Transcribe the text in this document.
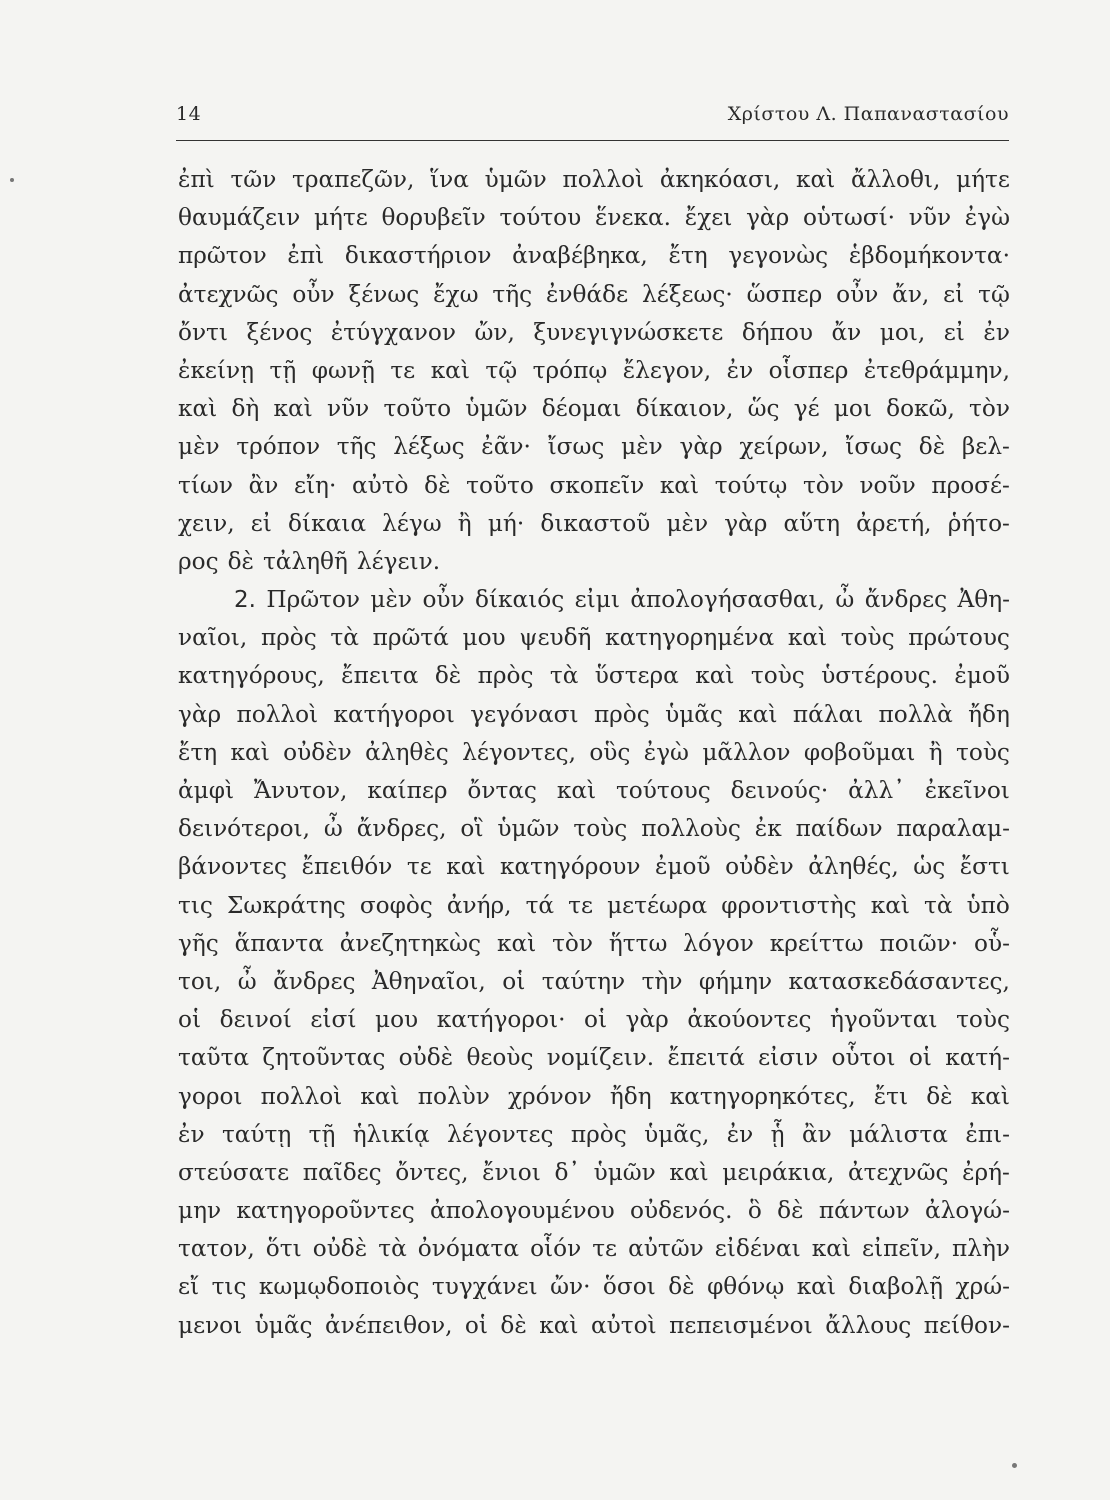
14	Χρίστου Λ. Παπαναστασίου
ἐπὶ τῶν τραπεζῶν, ἵνα ὑμῶν πολλοὶ ἀκηκόασι, καὶ ἄλλοθι, μήτε
θαυμάζειν μήτε θορυβεῖν τούτου ἕνεκα. ἔχει γὰρ οὑτωσί· νῦν ἐγὼ
πρῶτον ἐπὶ δικαστήριον ἀναβέβηκα, ἔτη γεγονὼς ἑβδομήκοντα·
ἀτεχνῶς οὖν ξένως ἔχω τῆς ἐνθάδε λέξεως· ὥσπερ οὖν ἄν, εἰ τῷ
ὄντι ξένος ἐτύγχανον ὤν, ξυνεγιγνώσκετε δήπου ἄν μοι, εἰ ἐν
ἐκείνῃ τῇ φωνῇ τε καὶ τῷ τρόπῳ ἔλεγον, ἐν οἷσπερ ἐτεθράμμην,
καὶ δὴ καὶ νῦν τοῦτο ὑμῶν δέομαι δίκαιον, ὥς γέ μοι δοκῶ, τὸν
μὲν τρόπον τῆς λέξως ἐᾶν· ἴσως μὲν γὰρ χείρων, ἴσως δὲ βελ-
τίων ἂν εἴη· αὐτὸ δὲ τοῦτο σκοπεῖν καὶ τούτῳ τὸν νοῦν προσέ-
χειν, εἰ δίκαια λέγω ἢ μή· δικαστοῦ μὲν γὰρ αὕτη ἀρετή, ῥήτο-
ρος δὲ τἀληθῆ λέγειν.
2. Πρῶτον μὲν οὖν δίκαιός εἰμι ἀπολογήσασθαι, ὦ ἄνδρες Ἀθη-
ναῖοι, πρὸς τὰ πρῶτά μου ψευδῆ κατηγορημένα καὶ τοὺς πρώτους
κατηγόρους, ἔπειτα δὲ πρὸς τὰ ὕστερα καὶ τοὺς ὑστέρους. ἐμοῦ
γὰρ πολλοὶ κατήγοροι γεγόνασι πρὸς ὑμᾶς καὶ πάλαι πολλὰ ἤδη
ἔτη καὶ οὐδὲν ἀληθὲς λέγοντες, οὓς ἐγὼ μᾶλλον φοβοῦμαι ἢ τοὺς
ἀμφὶ Ἄνυτον, καίπερ ὄντας καὶ τούτους δεινούς· ἀλλ᾽ ἐκεῖνοι
δεινότεροι, ὦ ἄνδρες, οἳ ὑμῶν τοὺς πολλοὺς ἐκ παίδων παραλαμ-
βάνοντες ἔπειθόν τε καὶ κατηγόρουν ἐμοῦ οὐδὲν ἀληθές, ὡς ἔστι
τις Σωκράτης σοφὸς ἀνήρ, τά τε μετέωρα φροντιστὴς καὶ τὰ ὑπὸ
γῆς ἅπαντα ἀνεζητηκὼς καὶ τὸν ἥττω λόγον κρείττω ποιῶν· οὗ-
τοι, ὦ ἄνδρες Ἀθηναῖοι, οἱ ταύτην τὴν φήμην κατασκεδάσαντες,
οἱ δεινοί εἰσί μου κατήγοροι· οἱ γὰρ ἀκούοντες ἡγοῦνται τοὺς
ταῦτα ζητοῦντας οὐδὲ θεοὺς νομίζειν. ἔπειτά εἰσιν οὗτοι οἱ κατή-
γοροι πολλοὶ καὶ πολὺν χρόνον ἤδη κατηγορηκότες, ἔτι δὲ καὶ
ἐν ταύτῃ τῇ ἡλικίᾳ λέγοντες πρὸς ὑμᾶς, ἐν ᾗ ἂν μάλιστα ἐπι-
στεύσατε παῖδες ὄντες, ἔνιοι δ᾽ ὑμῶν καὶ μειράκια, ἀτεχνῶς ἐρή-
μην κατηγοροῦντες ἀπολογουμένου οὐδενός. ὃ δὲ πάντων ἀλογώ-
τατον, ὅτι οὐδὲ τὰ ὀνόματα οἷόν τε αὐτῶν εἰδέναι καὶ εἰπεῖν, πλὴν
εἴ τις κωμῳδοποιὸς τυγχάνει ὤν· ὅσοι δὲ φθόνῳ καὶ διαβολῇ χρώ-
μενοι ὑμᾶς ἀνέπειθον, οἱ δὲ καὶ αὐτοὶ πεπεισμένοι ἄλλους πείθον-
